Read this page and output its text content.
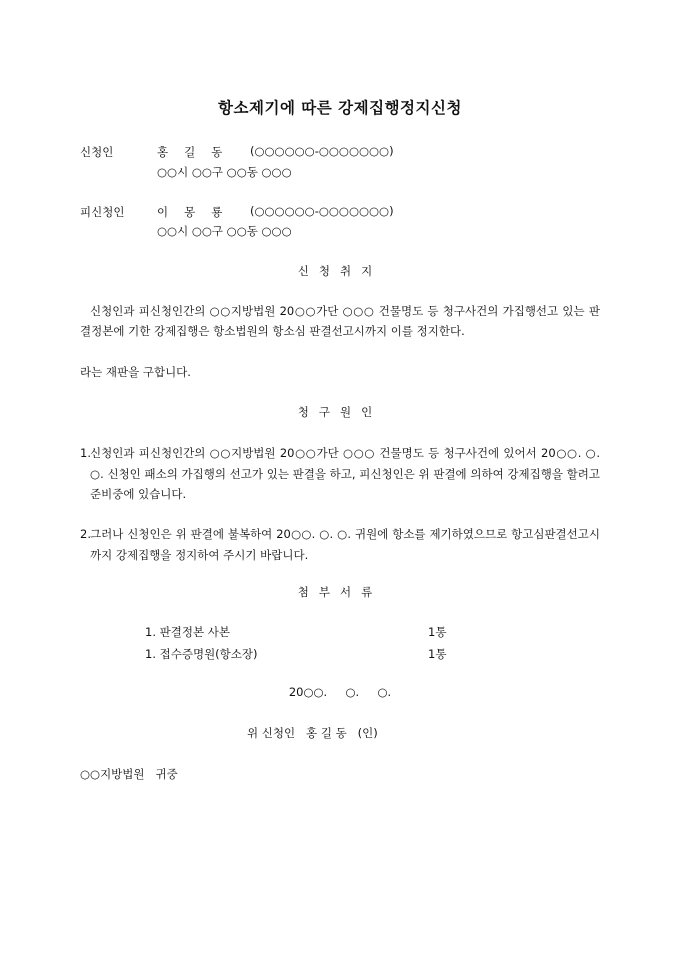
항소제기에 따른 강제집행정지신청
신청인	홍길동 (○○○○○○-○○○○○○○)
○○시 ○○구 ○○동 ○○○
피신청인	이몽룡 (○○○○○○-○○○○○○○)
○○시 ○○구 ○○동 ○○○
신청취지
신청인과 피신청인간의 ○○지방법원 20○○가단 ○○○ 건물명도 등 청구사건의 가집행선고 있는 판결정본에 기한 강제집행은 항소법원의 항소심 판결선고시까지 이를 정지한다.
라는 재판을 구합니다.
청구원인
1. 신청인과 피신청인간의 ○○지방법원 20○○가단 ○○○ 건물명도 등 청구사건에 있어서 20○○. ○. ○. 신청인 패소의 가집행의 선고가 있는 판결을 하고, 피신청인은 위 판결에 의하여 강제집행을 할려고 준비중에 있습니다.
2. 그러나 신청인은 위 판결에 불복하여 20○○. ○. ○. 귀원에 항소를 제기하였으므로 항고심판결선고시까지 강제집행을 정지하여 주시기 바랍니다.
첨부서류
1. 판결정본 사본	1통
1. 접수증명원(항소장)	1통
20○○.     ○.     ○.
위 신청인   홍 길 동   (인)
○○지방법원   귀중
